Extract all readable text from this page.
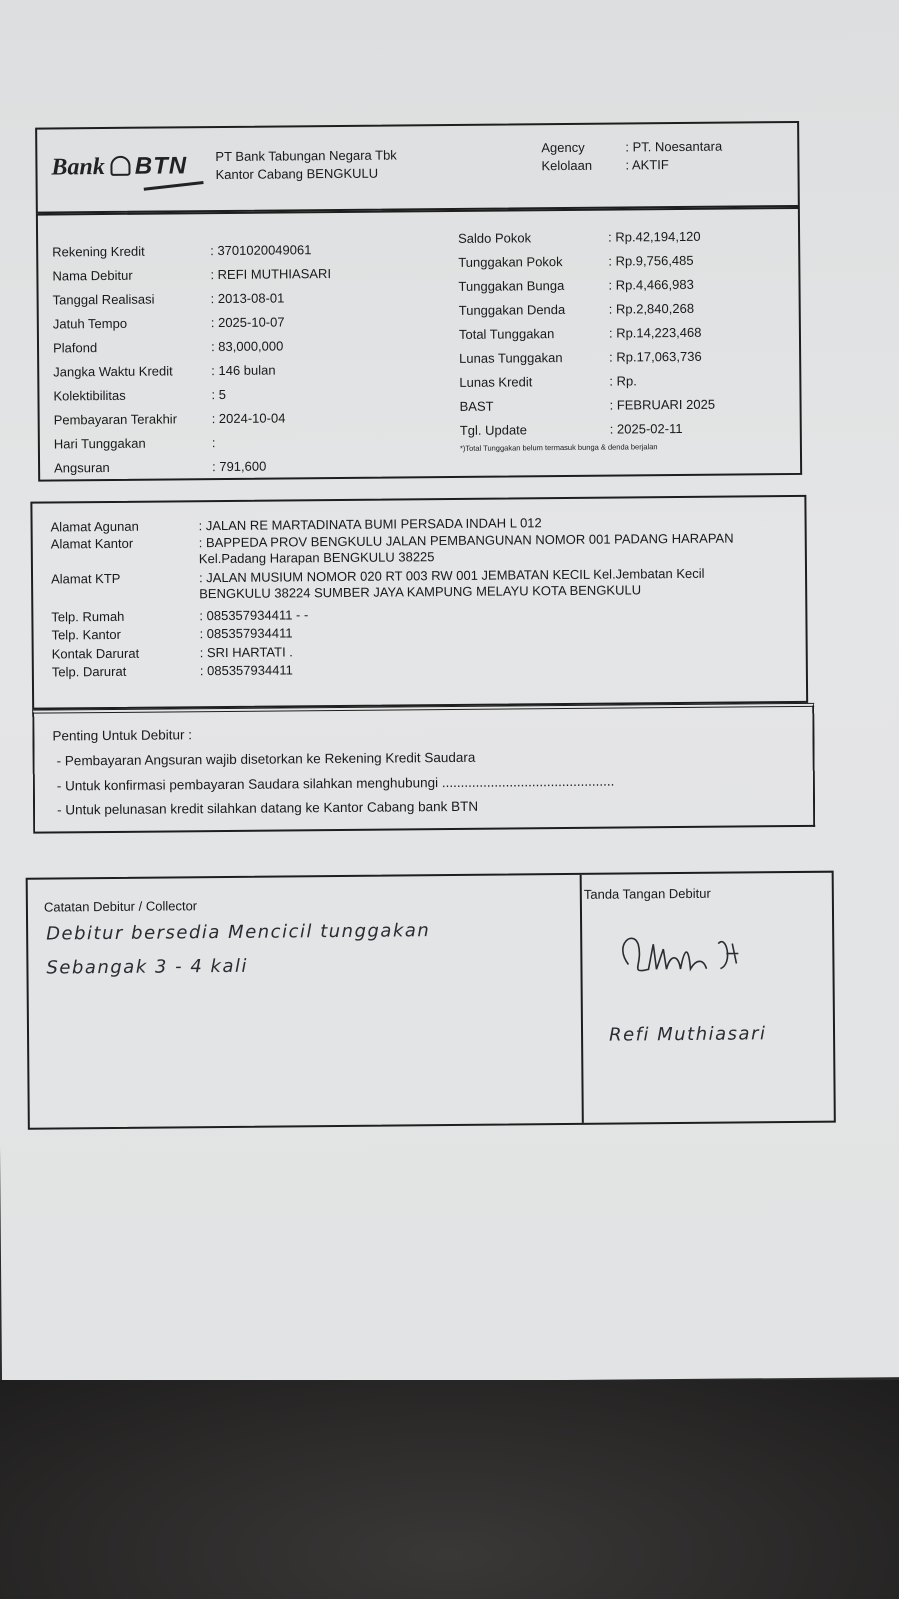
Bank BTN PT Bank Tabungan Negara Tbk
Kantor Cabang BENGKULU
Agency	: PT. Noesantara
Kelolaan	: AKTIF
Rekening Kredit	: 3701020049061
Nama Debitur	: REFI MUTHIASARI
Tanggal Realisasi	: 2013-08-01
Jatuh Tempo	: 2025-10-07
Plafond	: 83,000,000
Jangka Waktu Kredit	: 146 bulan
Kolektibilitas	: 5
Pembayaran Terakhir	: 2024-10-04
Hari Tunggakan	:
Angsuran	: 791,600
Saldo Pokok	: Rp.42,194,120
Tunggakan Pokok	: Rp.9,756,485
Tunggakan Bunga	: Rp.4,466,983
Tunggakan Denda	: Rp.2,840,268
Total Tunggakan	: Rp.14,223,468
Lunas Tunggakan	: Rp.17,063,736
Lunas Kredit	: Rp.
BAST	: FEBRUARI 2025
Tgl. Update	: 2025-02-11
*)Total Tunggakan belum termasuk bunga & denda berjalan
Alamat Agunan	: JALAN RE MARTADINATA BUMI PERSADA INDAH L 012
Alamat Kantor	: BAPPEDA PROV BENGKULU JALAN PEMBANGUNAN NOMOR 001 PADANG HARAPAN Kel.Padang Harapan BENGKULU 38225
Alamat KTP	: JALAN MUSIUM NOMOR 020 RT 003 RW 001 JEMBATAN KECIL Kel.Jembatan Kecil BENGKULU 38224 SUMBER JAYA KAMPUNG MELAYU KOTA BENGKULU
Telp. Rumah	: 085357934411 - -
Telp. Kantor	: 085357934411
Kontak Darurat	: SRI HARTATI .
Telp. Darurat	: 085357934411
Penting Untuk Debitur :
- Pembayaran Angsuran wajib disetorkan ke Rekening Kredit Saudara
- Untuk konfirmasi pembayaran Saudara silahkan menghubungi ..............................................
- Untuk pelunasan kredit silahkan datang ke Kantor Cabang bank BTN
Catatan Debitur / Collector
Debitur bersedia Mencicil tunggakan
Sebangak 3 - 4 kali
Tanda Tangan Debitur
Refi Muthiasari
